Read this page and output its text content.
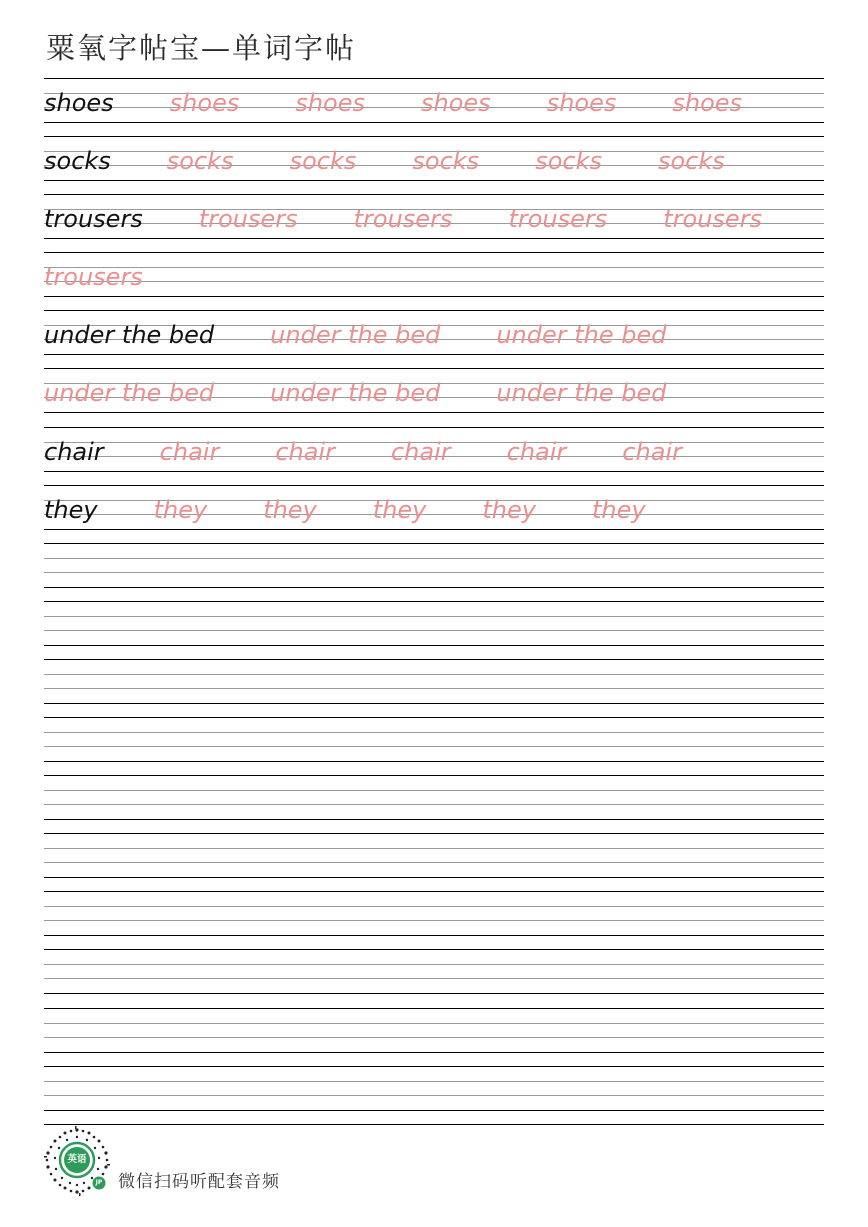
粟氧字帖宝—单词字帖
shoes shoes shoes shoes shoes shoes
socks socks socks socks socks socks
trousers trousers trousers trousers trousers
trousers
under the bed under the bed under the bed
under the bed under the bed under the bed
chair chair chair chair chair chair
they they they they they they
英语
JP 微信扫码听配套音频
